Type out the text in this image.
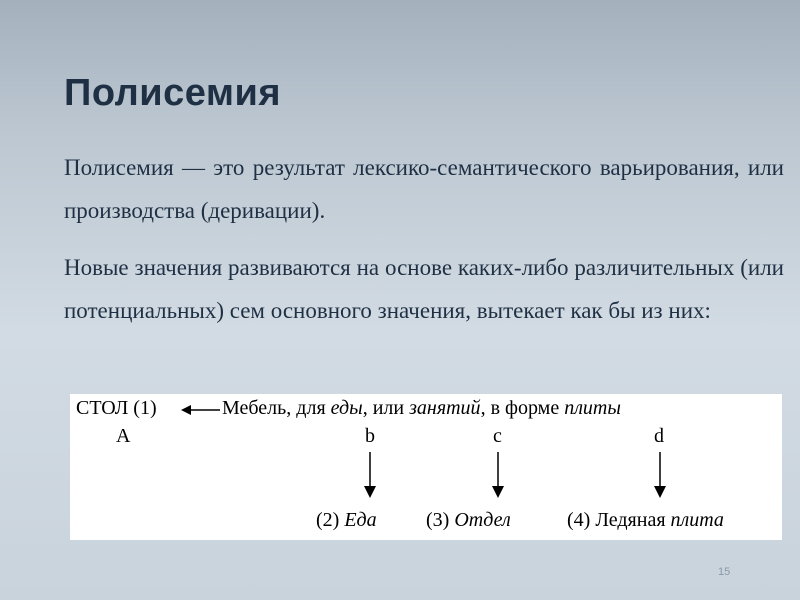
Полисемия
Полисемия — это результат лексико-семантического варьирования, или производства (деривации).
Новые значения развиваются на основе каких-либо различительных (или потенциальных) сем основного значения, вытекает как бы из них:
СТОЛ (1)	Мебель, для еды, или занятий, в форме плиты
A	b	c	d
(2) Еда (3) Отдел	(4) Ледяная плита
15
